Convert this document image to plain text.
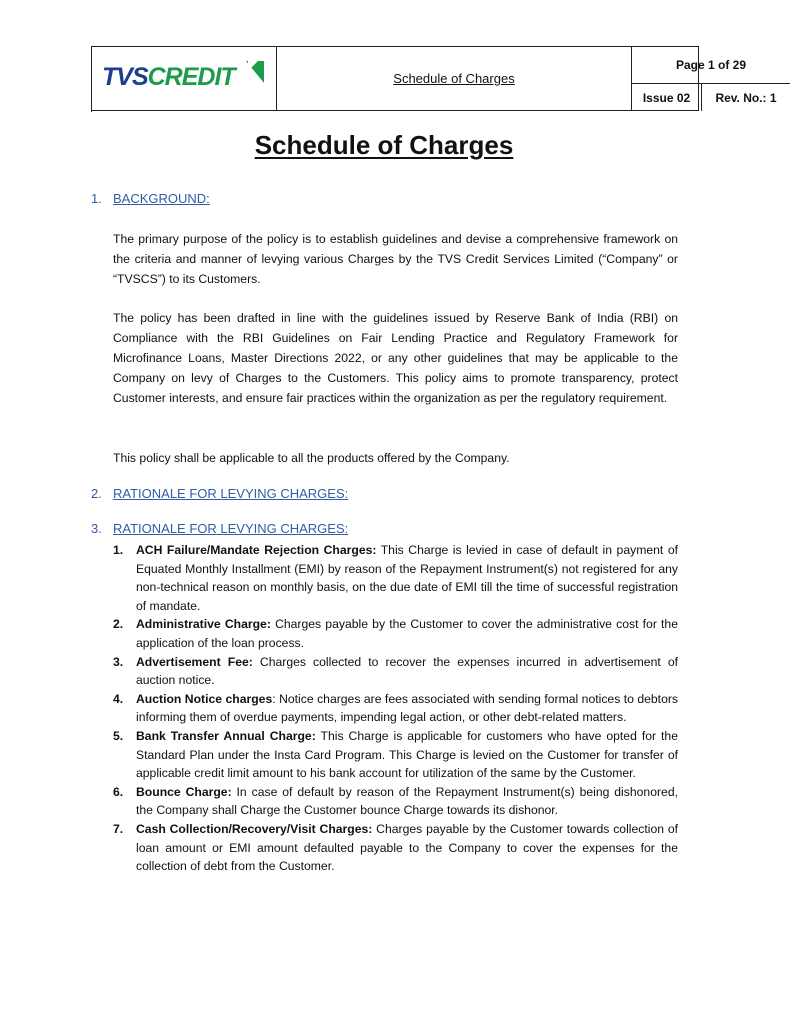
TVSCREDIT	Schedule of Charges
Page 1 of 29
Issue 02	Rev. No.: 1
Schedule of Charges
1. BACKGROUND:

The primary purpose of the policy is to establish guidelines and devise a comprehensive framework on the criteria and manner of levying various Charges by the TVS Credit Services Limited (“Company” or “TVSCS”) to its Customers.

The policy has been drafted in line with the guidelines issued by Reserve Bank of India (RBI) on Compliance with the RBI Guidelines on Fair Lending Practice and Regulatory Framework for Microfinance Loans, Master Directions 2022, or any other guidelines that may be applicable to the Company on levy of Charges to the Customers. This policy aims to promote transparency, protect Customer interests, and ensure fair practices within the organization as per the regulatory requirement.

This policy shall be applicable to all the products offered by the Company.

2. RATIONALE FOR LEVYING CHARGES:
3. RATIONALE FOR LEVYING CHARGES:
1. ACH Failure/Mandate Rejection Charges: This Charge is levied in case of default in payment of Equated Monthly Installment (EMI) by reason of the Repayment Instrument(s) not registered for any non-technical reason on monthly basis, on the due date of EMI till the time of successful registration of mandate.
2. Administrative Charge: Charges payable by the Customer to cover the administrative cost for the application of the loan process.
3. Advertisement Fee: Charges collected to recover the expenses incurred in advertisement of auction notice.
4. Auction Notice charges: Notice charges are fees associated with sending formal notices to debtors informing them of overdue payments, impending legal action, or other debt-related matters.
5. Bank Transfer Annual Charge: This Charge is applicable for customers who have opted for the Standard Plan under the Insta Card Program. This Charge is levied on the Customer for transfer of applicable credit limit amount to his bank account for utilization of the same by the Customer.
6. Bounce Charge: In case of default by reason of the Repayment Instrument(s) being dishonored, the Company shall Charge the Customer bounce Charge towards its dishonor.
7. Cash Collection/Recovery/Visit Charges: Charges payable by the Customer towards collection of loan amount or EMI amount defaulted payable to the Company to cover the expenses for the collection of debt from the Customer.
